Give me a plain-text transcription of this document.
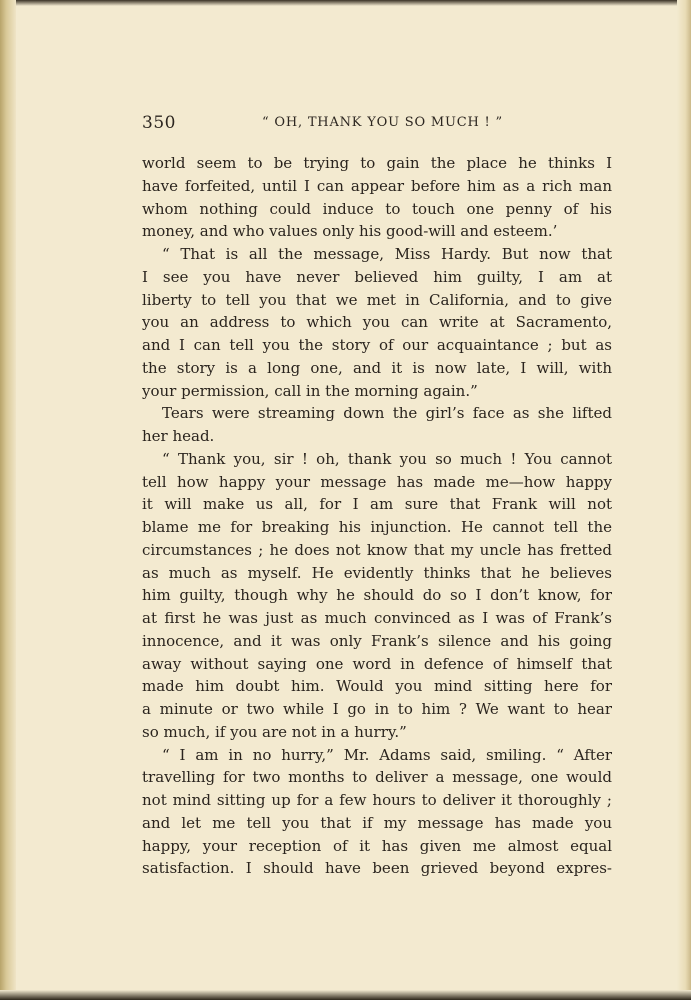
350	“ OH, THANK YOU SO MUCH ! ”
world seem to be trying to gain the place he thinks I
have forfeited, until I can appear before him as a rich man
whom nothing could induce to touch one penny of his
money, and who values only his good-will and esteem.’
“ That is all the message, Miss Hardy. But now that
I see you have never believed him guilty, I am at
liberty to tell you that we met in California, and to give
you an address to which you can write at Sacramento,
and I can tell you the story of our acquaintance ; but as
the story is a long one, and it is now late, I will, with
your permission, call in the morning again.”
Tears were streaming down the girl’s face as she lifted
her head.
“ Thank you, sir ! oh, thank you so much ! You cannot
tell how happy your message has made me—how happy
it will make us all, for I am sure that Frank will not
blame me for breaking his injunction. He cannot tell the
circumstances ; he does not know that my uncle has fretted
as much as myself. He evidently thinks that he believes
him guilty, though why he should do so I don’t know, for
at first he was just as much convinced as I was of Frank’s
innocence, and it was only Frank’s silence and his going
away without saying one word in defence of himself that
made him doubt him. Would you mind sitting here for
a minute or two while I go in to him ? We want to hear
so much, if you are not in a hurry.”
“ I am in no hurry,” Mr. Adams said, smiling. “ After
travelling for two months to deliver a message, one would
not mind sitting up for a few hours to deliver it thoroughly ;
and let me tell you that if my message has made you
happy, your reception of it has given me almost equal
satisfaction. I should have been grieved beyond expres-
